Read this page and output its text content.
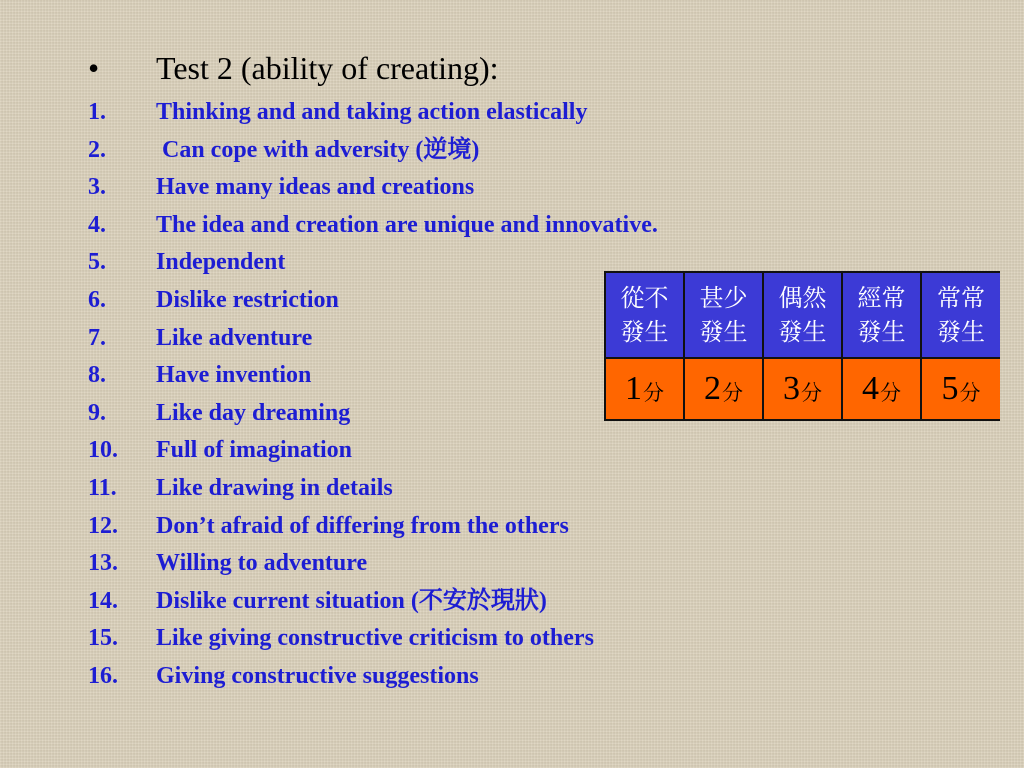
• Test 2 (ability of creating):
1. Thinking and and taking action elastically
2. Can cope with adversity (逆境)
3. Have many ideas and creations
4. The idea and creation are unique and innovative.
5. Independent
6. Dislike restriction
7. Like adventure
8. Have invention
9. Like day dreaming
10. Full of imagination
11. Like drawing in details
12. Don’t afraid of differing from the others
13. Willing to adventure
14. Dislike current situation (不安於現狀)
15. Like giving constructive criticism to others
16. Giving constructive suggestions
從不發生
甚少發生
偶然發生
經常發生
常常發生
1 分 2 分 3 分 4 分 5 分
